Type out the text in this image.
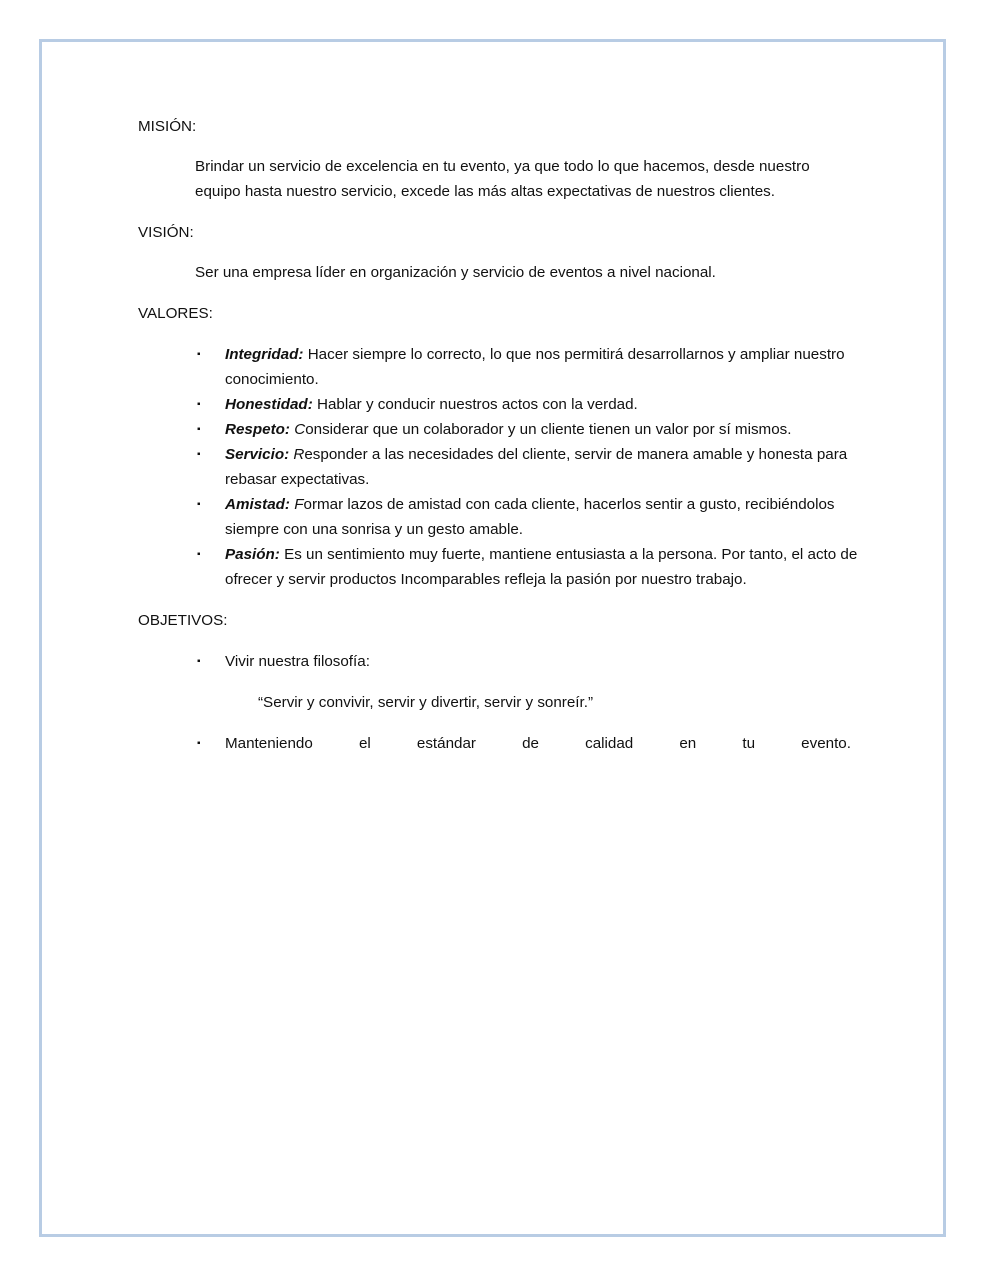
MISIÓN:

Brindar un servicio de excelencia en tu evento, ya que todo lo que hacemos, desde nuestro equipo hasta nuestro servicio, excede las más altas expectativas de nuestros clientes.

VISIÓN:

Ser una empresa líder en organización y servicio de eventos a nivel nacional.

VALORES:

▪	Integridad: Hacer siempre lo correcto, lo que nos permitirá desarrollarnos y ampliar nuestro conocimiento.
▪	Honestidad: Hablar y conducir nuestros actos con la verdad.
▪	Respeto: Considerar que un colaborador y un cliente tienen un valor por sí mismos.
▪	Servicio: Responder a las necesidades del cliente, servir de manera amable y honesta para rebasar expectativas.
▪	Amistad: Formar lazos de amistad con cada cliente, hacerlos sentir a gusto, recibiéndolos siempre con una sonrisa y un gesto amable.
▪	Pasión: Es un sentimiento muy fuerte, mantiene entusiasta a la persona. Por tanto, el acto de ofrecer y servir productos Incomparables refleja la pasión por nuestro trabajo.

OBJETIVOS:

▪	Vivir nuestra filosofía:

“Servir y convivir, servir y divertir, servir y sonreír.”

▪	Manteniendo	el	estándar	de	calidad	en	tu	evento.
